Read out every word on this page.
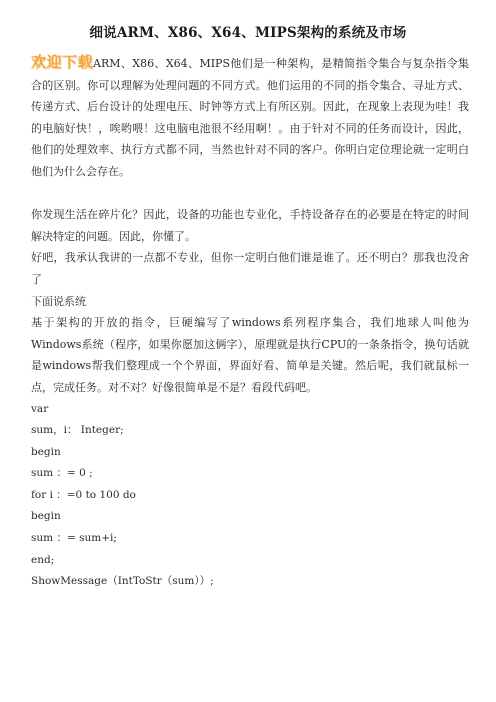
细说ARM、X86、X64、MIPS架构的系统及市场

欢迎下载ARM、X86、X64、MIPS他们是一种架构，是精简指令集合与复杂指令集合的区别。你可以理解为处理问题的不同方式。他们运用的不同的指令集合、寻址方式、传递方式、后台设计的处理电压、时钟等方式上有所区别。因此，在现象上表现为哇！我的电脑好快！，唉哟喂！这电脑电池很不经用啊！。由于针对不同的任务而设计，因此，他们的处理效率、执行方式都不同，当然也针对不同的客户。你明白定位理论就一定明白他们为什么会存在。

你发现生活在碎片化？因此，设备的功能也专业化，手持设备存在的必要是在特定的时间解决特定的问题。因此，你懂了。

好吧，我承认我讲的一点都不专业，但你一定明白他们谁是谁了。还不明白？那我也没舍了

下面说系统

基于架构的开放的指令，巨硬编写了windows系列程序集合，我们地球人叫他为Windows系统（程序，如果你愿加这俩字），原理就是执行CPU的一条条指令，换句话就是windows帮我们整理成一个个界面，界面好看、简单是关键。然后呢，我们就鼠标一点，完成任务。对不对？好像很简单是不是？看段代码吧。

var

sum，i： Integer;

begin

sum ：= 0 ;

for i ：=0 to 100 do

begin

sum ：= sum+i;

end;

ShowMessage（IntToStr（sum））;
